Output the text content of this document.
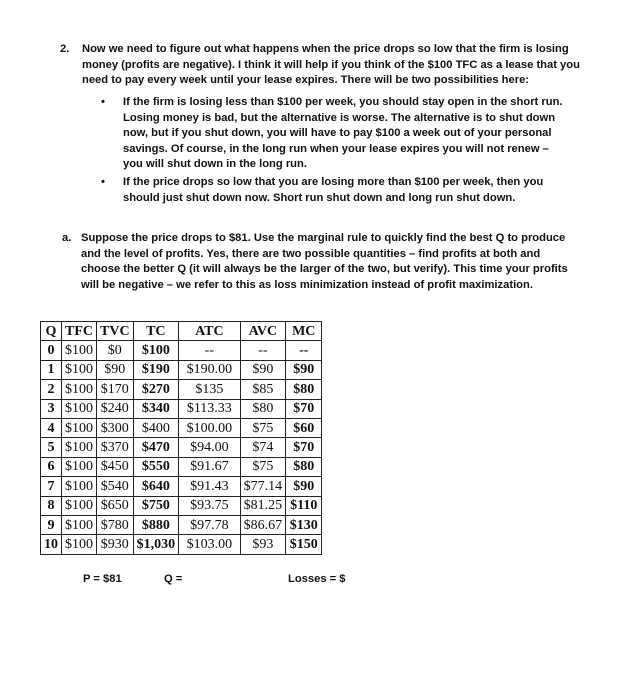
2. Now we need to figure out what happens when the price drops so low that the firm is losing money (profits are negative). I think it will help if you think of the $100 TFC as a lease that you need to pay every week until your lease expires. There will be two possibilities here:
• If the firm is losing less than $100 per week, you should stay open in the short run. Losing money is bad, but the alternative is worse. The alternative is to shut down now, but if you shut down, you will have to pay $100 a week out of your personal savings. Of course, in the long run when your lease expires you will not renew – you will shut down in the long run.
• If the price drops so low that you are losing more than $100 per week, then you should just shut down now. Short run shut down and long run shut down.
a. Suppose the price drops to $81. Use the marginal rule to quickly find the best Q to produce and the level of profits. Yes, there are two possible quantities – find profits at both and choose the better Q (it will always be the larger of the two, but verify). This time your profits will be negative – we refer to this as loss minimization instead of profit maximization.
Q	TFC	TVC	TC	ATC	AVC	MC
0	$100	$0	$100	--	--	--
1	$100	$90	$190	$190.00	$90	$90
2	$100	$170	$270	$135	$85	$80
3	$100	$240	$340	$113.33	$80	$70
4	$100	$300	$400	$100.00	$75	$60
5	$100	$370	$470	$94.00	$74	$70
6	$100	$450	$550	$91.67	$75	$80
7	$100	$540	$640	$91.43	$77.14	$90
8	$100	$650	$750	$93.75	$81.25	$110
9	$100	$780	$880	$97.78	$86.67	$130
10	$100	$930	$1,030	$103.00	$93	$150
P = $81	Q =	Losses = $
